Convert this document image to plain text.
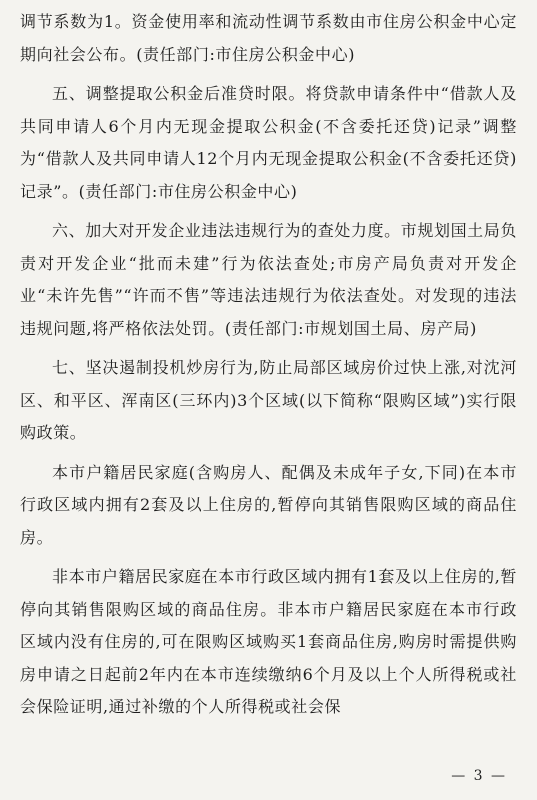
调节系数为1。资金使用率和流动性调节系数由市住房公积金中心定期向社会公布。(责任部门:市住房公积金中心)

五、调整提取公积金后准贷时限。将贷款申请条件中“借款人及共同申请人6个月内无现金提取公积金(不含委托还贷)记录”调整为“借款人及共同申请人12个月内无现金提取公积金(不含委托还贷)记录”。(责任部门:市住房公积金中心)

六、加大对开发企业违法违规行为的查处力度。市规划国土局负责对开发企业“批而未建”行为依法查处;市房产局负责对开发企业“未许先售”“许而不售”等违法违规行为依法查处。对发现的违法违规问题,将严格依法处罚。(责任部门:市规划国土局、房产局)

七、坚决遏制投机炒房行为,防止局部区域房价过快上涨,对沈河区、和平区、浑南区(三环内)3个区域(以下简称“限购区域”)实行限购政策。

本市户籍居民家庭(含购房人、配偶及未成年子女,下同)在本市行政区域内拥有2套及以上住房的,暂停向其销售限购区域的商品住房。

非本市户籍居民家庭在本市行政区域内拥有1套及以上住房的,暂停向其销售限购区域的商品住房。非本市户籍居民家庭在本市行政区域内没有住房的,可在限购区域购买1套商品住房,购房时需提供购房申请之日起前2年内在本市连续缴纳6个月及以上个人所得税或社会保险证明,通过补缴的个人所得税或社会保

— 3 —
